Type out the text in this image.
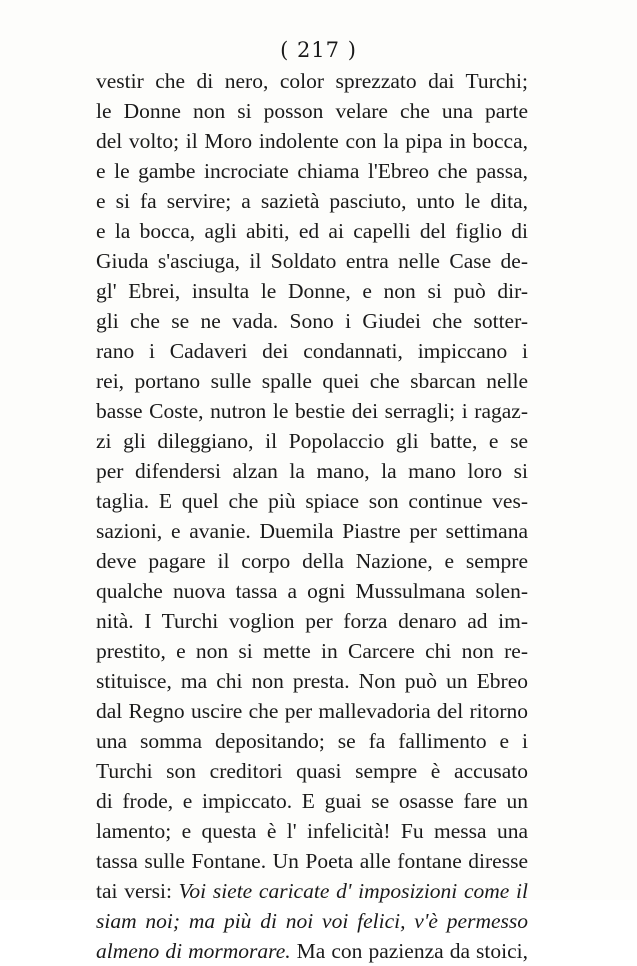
( 217 )
vestir che di nero, color sprezzato dai Turchi;
le Donne non si posson velare che una parte
del volto; il Moro indolente con la pipa in bocca,
e le gambe incrociate chiama l'Ebreo che passa,
e si fa servire; a sazietà pasciuto, unto le dita,
e la bocca, agli abiti, ed ai capelli del figlio di
Giuda s'asciuga, il Soldato entra nelle Case de-
gl' Ebrei, insulta le Donne, e non si può dir-
gli che se ne vada. Sono i Giudei che sotter-
rano i Cadaveri dei condannati, impiccano i
rei, portano sulle spalle quei che sbarcan nelle
basse Coste, nutron le bestie dei serragli; i ragaz-
zi gli dileggiano, il Popolaccio gli batte, e se
per difendersi alzan la mano, la mano loro si
taglia. E quel che più spiace son continue ves-
sazioni, e avanie. Duemila Piastre per settimana
deve pagare il corpo della Nazione, e sempre
qualche nuova tassa a ogni Mussulmana solen-
nità. I Turchi voglion per forza denaro ad im-
prestito, e non si mette in Carcere chi non re-
stituisce, ma chi non presta. Non può un Ebreo
dal Regno uscire che per mallevadoria del ritorno
una somma depositando; se fa fallimento e i
Turchi son creditori quasi sempre è accusato
di frode, e impiccato. E guai se osasse fare un
lamento; e questa è l' infelicità! Fu messa una
tassa sulle Fontane. Un Poeta alle fontane diresse
tai versi: Voi siete caricate d' imposizioni come il
siam noi; ma più di noi voi felici, v'è permesso
almeno di mormorare. Ma con pazienza da stoici,
